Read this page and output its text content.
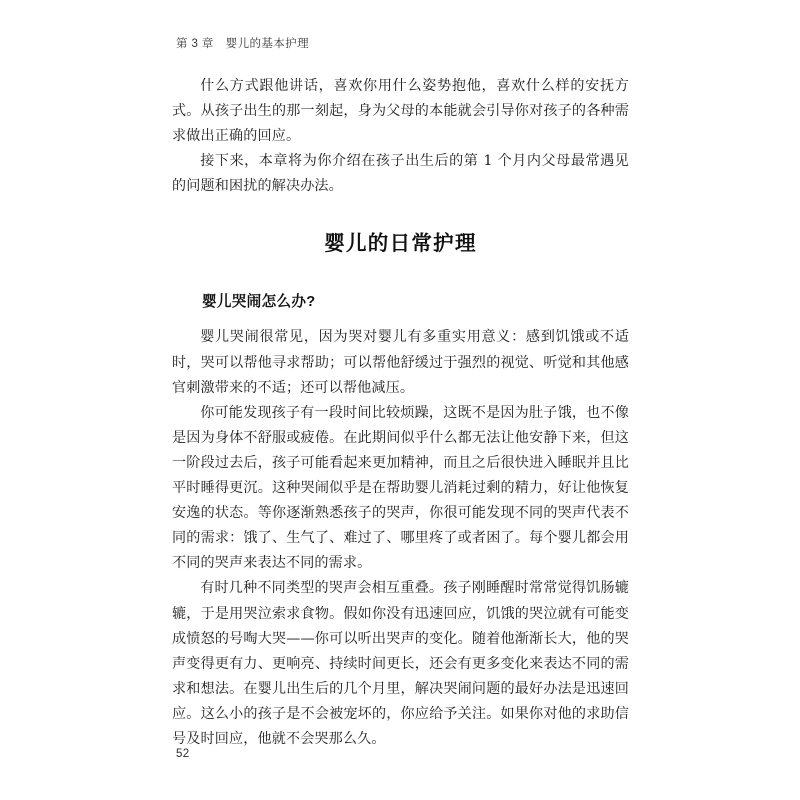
第 3 章　婴儿的基本护理

什么方式跟他讲话，喜欢你用什么姿势抱他，喜欢什么样的安抚方式。从孩子出生的那一刻起，身为父母的本能就会引导你对孩子的各种需求做出正确的回应。

接下来，本章将为你介绍在孩子出生后的第 1 个月内父母最常遇见的问题和困扰的解决办法。

婴儿的日常护理
婴儿哭闹怎么办?

婴儿哭闹很常见，因为哭对婴儿有多重实用意义：感到饥饿或不适时，哭可以帮他寻求帮助；可以帮他舒缓过于强烈的视觉、听觉和其他感官刺激带来的不适；还可以帮他减压。

你可能发现孩子有一段时间比较烦躁，这既不是因为肚子饿，也不像是因为身体不舒服或疲倦。在此期间似乎什么都无法让他安静下来，但这一阶段过去后，孩子可能看起来更加精神，而且之后很快进入睡眠并且比平时睡得更沉。这种哭闹似乎是在帮助婴儿消耗过剩的精力，好让他恢复安逸的状态。等你逐渐熟悉孩子的哭声，你很可能发现不同的哭声代表不同的需求：饿了、生气了、难过了、哪里疼了或者困了。每个婴儿都会用不同的哭声来表达不同的需求。

有时几种不同类型的哭声会相互重叠。孩子刚睡醒时常常觉得饥肠辘辘，于是用哭泣索求食物。假如你没有迅速回应，饥饿的哭泣就有可能变成愤怒的号啕大哭——你可以听出哭声的变化。随着他渐渐长大，他的哭声变得更有力、更响亮、持续时间更长，还会有更多变化来表达不同的需求和想法。在婴儿出生后的几个月里，解决哭闹问题的最好办法是迅速回应。这么小的孩子是不会被宠坏的，你应给予关注。如果你对他的求助信号及时回应，他就不会哭那么久。

52
